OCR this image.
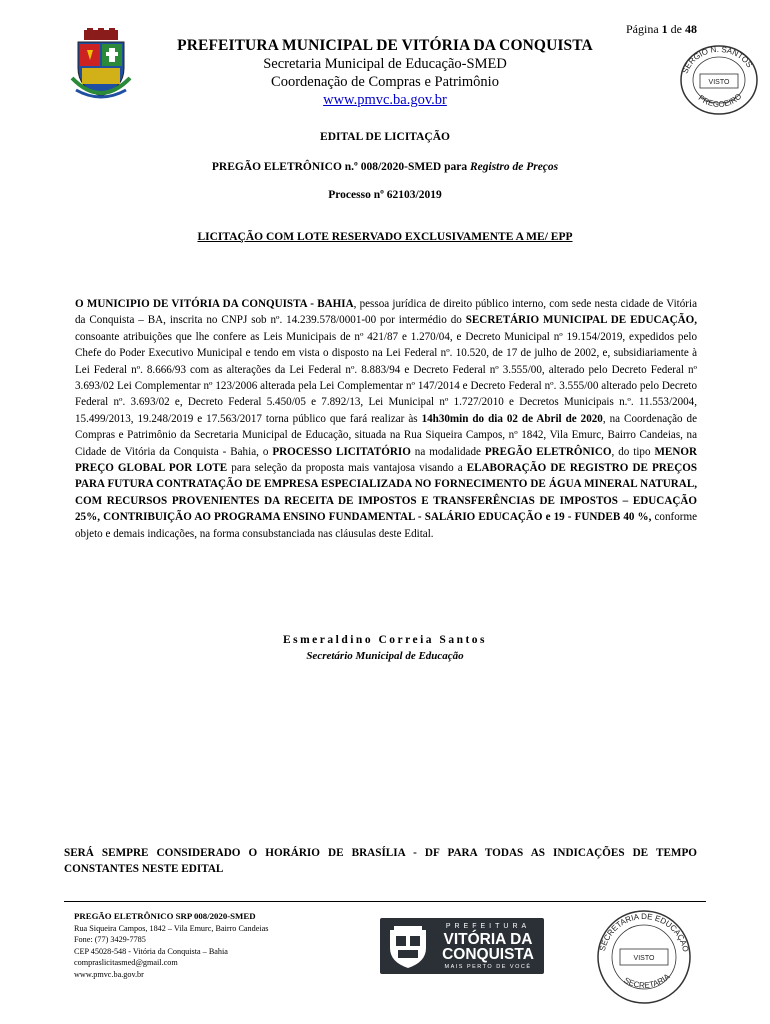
Página 1 de 48
PREFEITURA MUNICIPAL DE VITÓRIA DA CONQUISTA
Secretaria Municipal de Educação-SMED
Coordenação de Compras e Patrimônio
www.pmvc.ba.gov.br
SERGIO N. SANTOS
PREGOEIRO
VISTO
EDITAL DE LICITAÇÃO
PREGÃO ELETRÔNICO n.º 008/2020-SMED para Registro de Preços
Processo nº 62103/2019
LICITAÇÃO COM LOTE RESERVADO EXCLUSIVAMENTE A ME/ EPP
O MUNICIPIO DE VITÓRIA DA CONQUISTA - BAHIA, pessoa jurídica de direito público interno, com sede nesta cidade de Vitória da Conquista – BA, inscrita no CNPJ sob nº. 14.239.578/0001-00 por intermédio do SECRETÁRIO MUNICIPAL DE EDUCAÇÃO, consoante atribuições que lhe confere as Leis Municipais de nº 421/87 e 1.270/04, e Decreto Municipal nº 19.154/2019, expedidos pelo Chefe do Poder Executivo Municipal e tendo em vista o disposto na Lei Federal nº. 10.520, de 17 de julho de 2002, e, subsidiariamente à Lei Federal nº. 8.666/93 com as alterações da Lei Federal nº. 8.883/94 e Decreto Federal nº 3.555/00, alterado pelo Decreto Federal nº 3.693/02 Lei Complementar nº 123/2006 alterada pela Lei Complementar nº 147/2014 e Decreto Federal nº. 3.555/00 alterado pelo Decreto Federal nº. 3.693/02 e, Decreto Federal 5.450/05 e 7.892/13, Lei Municipal nº 1.727/2010 e Decretos Municipais n.º. 11.553/2004, 15.499/2013, 19.248/2019 e 17.563/2017 torna público que fará realizar às 14h30min do dia 02 de Abril de 2020, na Coordenação de Compras e Patrimônio da Secretaria Municipal de Educação, situada na Rua Siqueira Campos, nº 1842, Vila Emurc, Bairro Candeias, na Cidade de Vitória da Conquista - Bahia, o PROCESSO LICITATÓRIO na modalidade PREGÃO ELETRÔNICO, do tipo MENOR PREÇO GLOBAL POR LOTE para seleção da proposta mais vantajosa visando a ELABORAÇÃO DE REGISTRO DE PREÇOS PARA FUTURA CONTRATAÇÃO DE EMPRESA ESPECIALIZADA NO FORNECIMENTO DE ÁGUA MINERAL NATURAL, COM RECURSOS PROVENIENTES DA RECEITA DE IMPOSTOS E TRANSFERÊNCIAS DE IMPOSTOS – EDUCAÇÃO 25%, CONTRIBUIÇÃO AO PROGRAMA ENSINO FUNDAMENTAL - SALÁRIO EDUCAÇÃO e 19 - FUNDEB 40 %, conforme objeto e demais indicações, na forma consubstanciada nas cláusulas deste Edital.
Esmeraldino Correia Santos
Secretário Municipal de Educação
SERÁ SEMPRE CONSIDERADO O HORÁRIO DE BRASÍLIA - DF PARA TODAS AS INDICAÇÕES DE TEMPO CONSTANTES NESTE EDITAL
PREGÃO ELETRÔNICO SRP 008/2020-SMED
Rua Siqueira Campos, 1842 – Vila Emurc, Bairro Candeias
Fone: (77) 3429-7785
CEP 45028-548 - Vitória da Conquista – Bahia
compraslicitasmed@gmail.com
www.pmvc.ba.gov.br
PREFEITURA
VITÓRIA DA
CONQUISTA
MAIS PERTO DE VOCÊ
SECRETARIA DE EDUCAÇÃO
SECRETARIA
VISTO
